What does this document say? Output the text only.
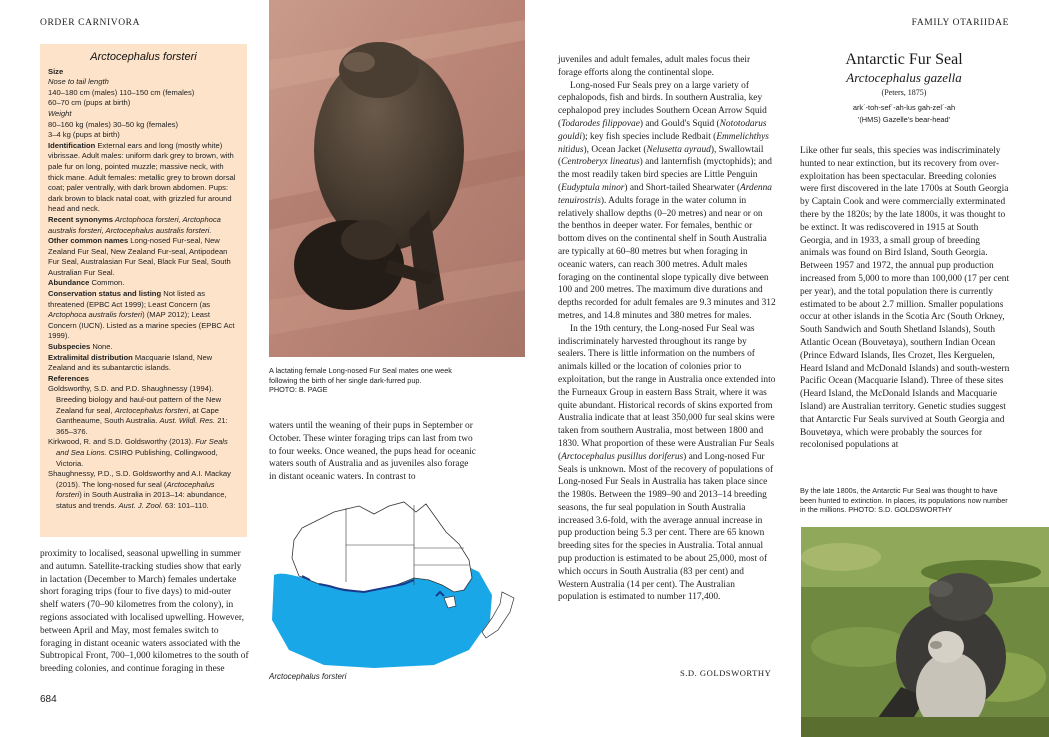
ORDER CARNIVORA	FAMILY OTARIIDAE
Arctocephalus forsteri
Size
Nose to tail length
140–180 cm (males) 110–150 cm (females)
60–70 cm (pups at birth)
Weight
80–160 kg (males) 30–50 kg (females)
3–4 kg (pups at birth)
Identification External ears and long (mostly white) vibrissae. Adult males: uniform dark grey to brown, with pale fur on long, pointed muzzle; massive neck, with thick mane. Adult females: metallic grey to brown dorsal coat; paler ventrally, with dark brown abdomen. Pups: dark brown to black natal coat, with grizzled fur around head and neck.
Recent synonyms Arctophoca forsteri, Arctophoca australis forsteri, Arctocephalus australis forsteri.
Other common names Long-nosed Fur-seal, New Zealand Fur Seal, New Zealand Fur-seal, Antipodean Fur Seal, Australasian Fur Seal, Black Fur Seal, South Australian Fur Seal.
Abundance Common.
Conservation status and listing Not listed as threatened (EPBC Act 1999); Least Concern (as Arctophoca australis forsteri) (MAP 2012); Least Concern (IUCN). Listed as a marine species (EPBC Act 1999).
Subspecies None.
Extralimital distribution Macquarie Island, New Zealand and its subantarctic islands.
References
Goldsworthy, S.D. and P.D. Shaughnessy (1994). Breeding biology and haul-out pattern of the New Zealand fur seal, Arctocephalus forsteri, at Cape Gantheaume, South Australia. Aust. Wildl. Res. 21: 365–376.
Kirkwood, R. and S.D. Goldsworthy (2013). Fur Seals and Sea Lions. CSIRO Publishing, Collingwood, Victoria.
Shaughnessy, P.D., S.D. Goldsworthy and A.I. Mackay (2015). The long-nosed fur seal (Arctocephalus forsteri) in South Australia in 2013–14: abundance, status and trends. Aust. J. Zool. 63: 101–110.

proximity to localised, seasonal upwelling in summer and autumn. Satellite-tracking studies show that early in lactation (December to March) females undertake short foraging trips (four to five days) to mid-outer shelf waters (70–90 kilometres from the colony), in regions associated with localised upwelling. However, between April and May, most females switch to foraging in distant oceanic waters associated with the Subtropical Front, 700–1,000 kilometres to the south of breeding colonies, and continue foraging in these

684
A lactating female Long-nosed Fur Seal mates one week following the birth of her single dark-furred pup.
PHOTO: B. PAGE

waters until the weaning of their pups in September or October. These winter foraging trips can last from two to four weeks. Once weaned, the pups head for oceanic waters south of Australia and as juveniles also forage in distant oceanic waters. In contrast to

Arctocephalus forsteri

juveniles and adult females, adult males focus their forage efforts along the continental slope.

Long-nosed Fur Seals prey on a large variety of cephalopods, fish and birds. In southern Australia, key cephalopod prey includes Southern Ocean Arrow Squid (Todarodes filippovae) and Gould's Squid (Nototodarus gouldi); key fish species include Redbait (Emmelichthys nitidus), Ocean Jacket (Nelusetta ayraud), Swallowtail (Centroberyx lineatus) and lanternfish (myctophids); and the most readily taken bird species are Little Penguin (Eudyptula minor) and Short-tailed Shearwater (Ardenna tenuirostris). Adults forage in the water column in relatively shallow depths (0–20 metres) and near or on the benthos in deeper water. For females, benthic or bottom dives on the continental shelf in South Australia are typically at 60–80 metres but when foraging in oceanic waters, can reach 300 metres. Adult males foraging on the continental slope typically dive between 100 and 200 metres. The maximum dive durations and depths recorded for adult females are 9.3 minutes and 312 metres, and 14.8 minutes and 380 metres for males.

In the 19th century, the Long-nosed Fur Seal was indiscriminately harvested throughout its range by sealers. There is little information on the numbers of animals killed or the location of colonies prior to exploitation, but the range in Australia once extended into the Furneaux Group in eastern Bass Strait, where it was quite abundant. Historical records of skins exported from Australia indicate that at least 350,000 fur seal skins were taken from southern Australia, most between 1800 and 1830. What proportion of these were Australian Fur Seals (Arctocephalus pusillus doriferus) and Long-nosed Fur Seals is unknown. Most of the recovery of populations of Long-nosed Fur Seals in Australia has taken place since the 1980s. Between the 1989–90 and 2013–14 breeding seasons, the fur seal population in South Australia increased 3.6-fold, with the average annual increase in pup production being 5.3 per cent. There are 65 known breeding sites for the species in Australia. Total annual pup production is estimated to be about 25,000, most of which occurs in South Australia (83 per cent) and Western Australia (14 per cent). The Australian population is estimated to number 117,400.

S.D. GOLDSWORTHY
Antarctic Fur Seal
Arctocephalus gazella
(Peters, 1875)
ark´-toh-sef´-ah-lus gah-zel´-ah
'(HMS) Gazelle's bear-head'

Like other fur seals, this species was indiscriminately hunted to near extinction, but its recovery from over-exploitation has been spectacular. Breeding colonies were first discovered in the late 1700s at South Georgia by Captain Cook and were commercially exterminated there by the 1820s; by the late 1800s, it was thought to be extinct. It was rediscovered in 1915 at South Georgia, and in 1933, a small group of breeding animals was found on Bird Island, South Georgia. Between 1957 and 1972, the annual pup production increased from 5,000 to more than 100,000 (17 per cent per year), and the total population there is currently estimated to be about 2.7 million. Smaller populations occur at other islands in the Scotia Arc (South Orkney, South Sandwich and South Shetland Islands), South Atlantic Ocean (Bouvetøya), southern Indian Ocean (Prince Edward Islands, Iles Crozet, Iles Kerguelen, Heard Island and McDonald Islands) and south-western Pacific Ocean (Macquarie Island). Three of these sites (Heard Island, the McDonald Islands and Macquarie Island) are Australian territory. Genetic studies suggest that Antarctic Fur Seals survived at South Georgia and Bouvetøya, which were probably the sources for recolonised populations at

By the late 1800s, the Antarctic Fur Seal was thought to have been hunted to extinction. In places, its populations now number in the millions. PHOTO: S.D. GOLDSWORTHY
